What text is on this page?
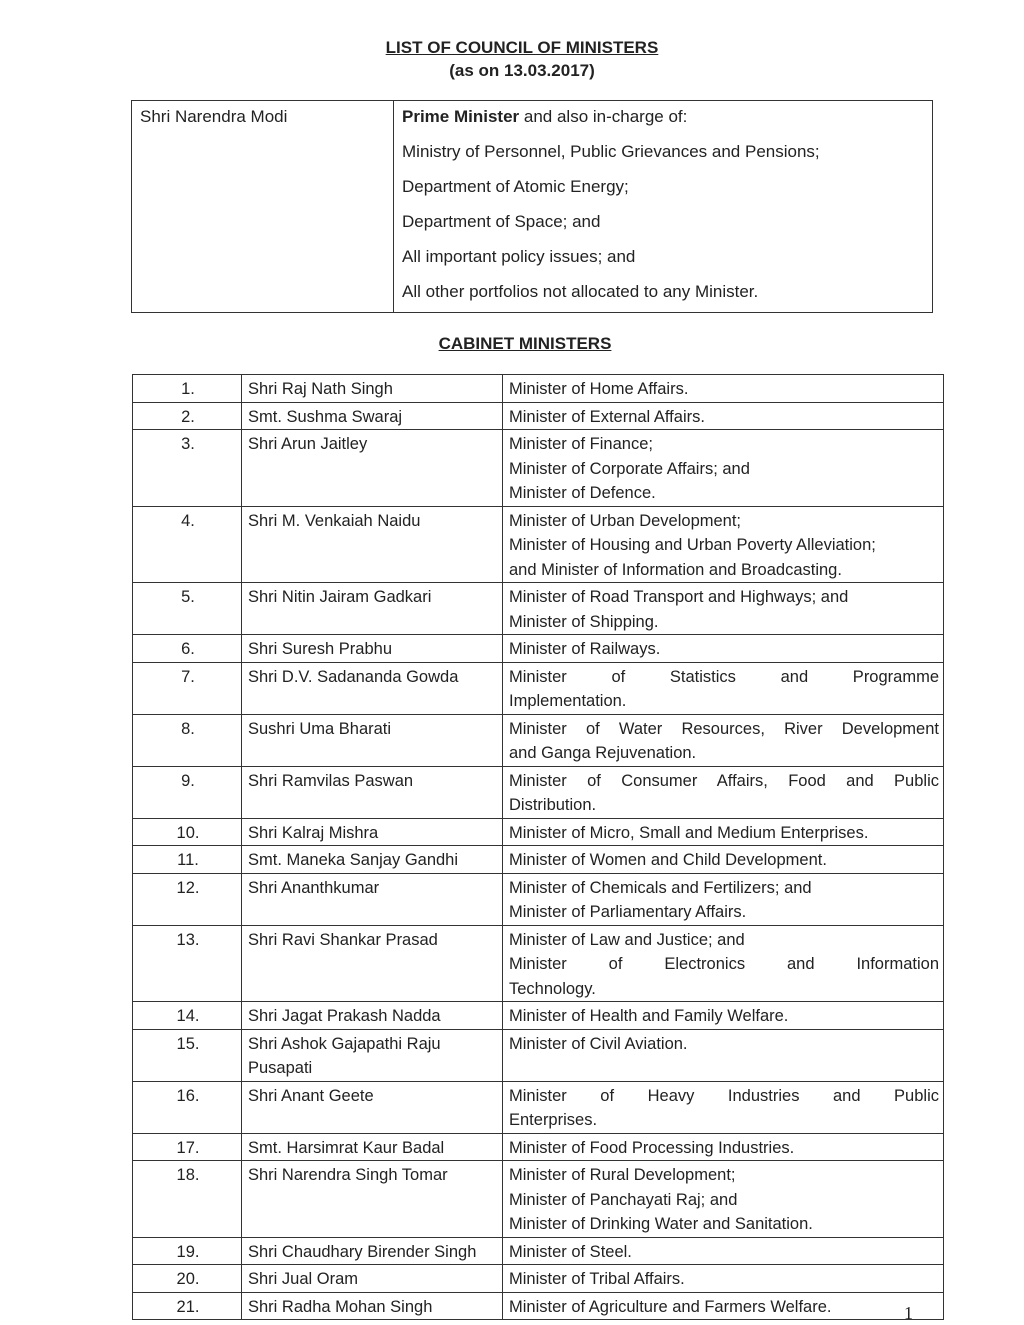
LIST OF COUNCIL OF MINISTERS
(as on 13.03.2017)
Shri Narendra Modi	Prime Minister and also in-charge of:
Ministry of Personnel, Public Grievances and Pensions;
Department of Atomic Energy;
Department of Space; and
All important policy issues; and
All other portfolios not allocated to any Minister.
CABINET MINISTERS
1.	Shri Raj Nath Singh	Minister of Home Affairs.

2.	Smt. Sushma Swaraj	Minister of External Affairs.

3.	Shri Arun Jaitley	Minister of Finance;
Minister of Corporate Affairs; and
Minister of Defence.

4.	Shri M. Venkaiah Naidu	Minister of Urban Development;
Minister of Housing and Urban Poverty Alleviation;
and Minister of Information and Broadcasting.

5.	Shri Nitin Jairam Gadkari	Minister of Road Transport and Highways; and
Minister of Shipping.

6.	Shri Suresh Prabhu	Minister of Railways.

7.	Shri D.V. Sadananda Gowda	Minister of Statistics and Programme
Implementation.

8.	Sushri Uma Bharati	Minister of Water Resources, River Development
and Ganga Rejuvenation.

9.	Shri Ramvilas Paswan	Minister of Consumer Affairs, Food and Public
Distribution.

10.	Shri Kalraj Mishra	Minister of Micro, Small and Medium Enterprises.

11.	Smt. Maneka Sanjay Gandhi	Minister of Women and Child Development.

12.	Shri Ananthkumar	Minister of Chemicals and Fertilizers; and
Minister of Parliamentary Affairs.

13.	Shri Ravi Shankar Prasad	Minister of Law and Justice; and
Minister of Electronics and Information
Technology.

14.	Shri Jagat Prakash Nadda	Minister of Health and Family Welfare.

15.	Shri Ashok Gajapathi Raju Pusapati	Minister of Civil Aviation.

16.	Shri Anant Geete	Minister of Heavy Industries and Public
Enterprises.

17.	Smt. Harsimrat Kaur Badal	Minister of Food Processing Industries.

18.	Shri Narendra Singh Tomar	Minister of Rural Development;
Minister of Panchayati Raj; and
Minister of Drinking Water and Sanitation.

19.	Shri Chaudhary Birender Singh	Minister of Steel.

20.	Shri Jual Oram	Minister of Tribal Affairs.

21.	Shri Radha Mohan Singh	Minister of Agriculture and Farmers Welfare.	1
